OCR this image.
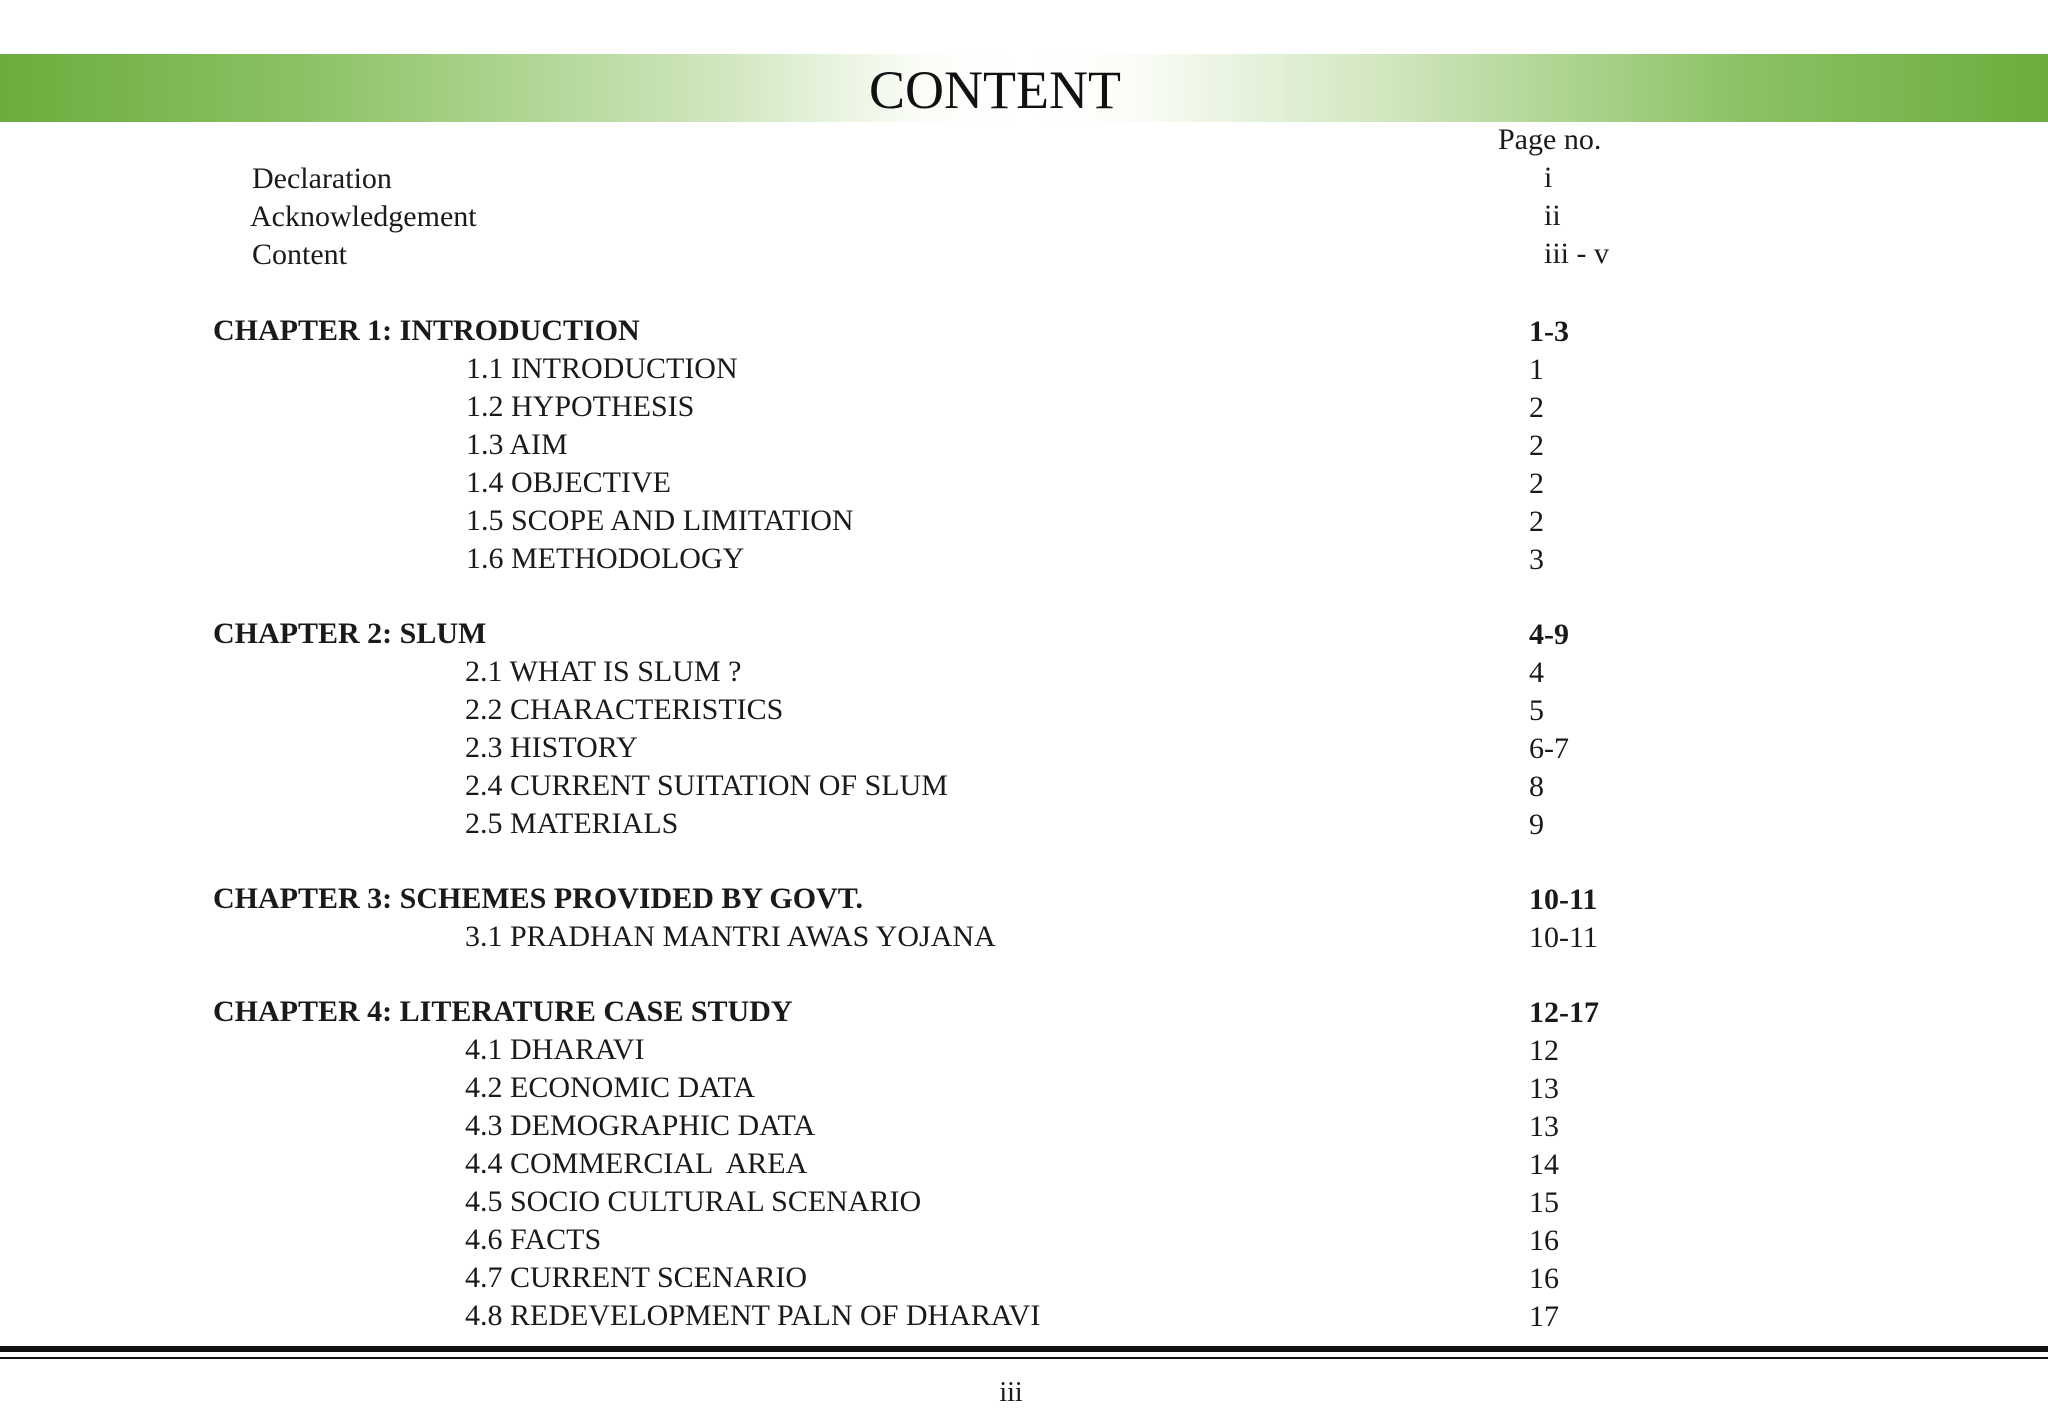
CONTENT
Page no.
Declaration	i
Acknowledgement	ii
Content	iii - v
CHAPTER 1: INTRODUCTION	1-3
1.1 INTRODUCTION	1
1.2 HYPOTHESIS	2
1.3 AIM	2
1.4 OBJECTIVE	2
1.5 SCOPE AND LIMITATION	2
1.6 METHODOLOGY	3
CHAPTER 2: SLUM	4-9
2.1 WHAT IS SLUM ?	4
2.2 CHARACTERISTICS	5
2.3 HISTORY	6-7
2.4 CURRENT SUITATION OF SLUM	8
2.5 MATERIALS	9
CHAPTER 3: SCHEMES PROVIDED BY GOVT.	10-11
3.1 PRADHAN MANTRI AWAS YOJANA	10-11
CHAPTER 4: LITERATURE CASE STUDY	12-17
4.1 DHARAVI	12
4.2 ECONOMIC DATA	13
4.3 DEMOGRAPHIC DATA	13
4.4 COMMERCIAL  AREA	14
4.5 SOCIO CULTURAL SCENARIO	15
4.6 FACTS	16
4.7 CURRENT SCENARIO	16
4.8 REDEVELOPMENT PALN OF DHARAVI	17
iii
